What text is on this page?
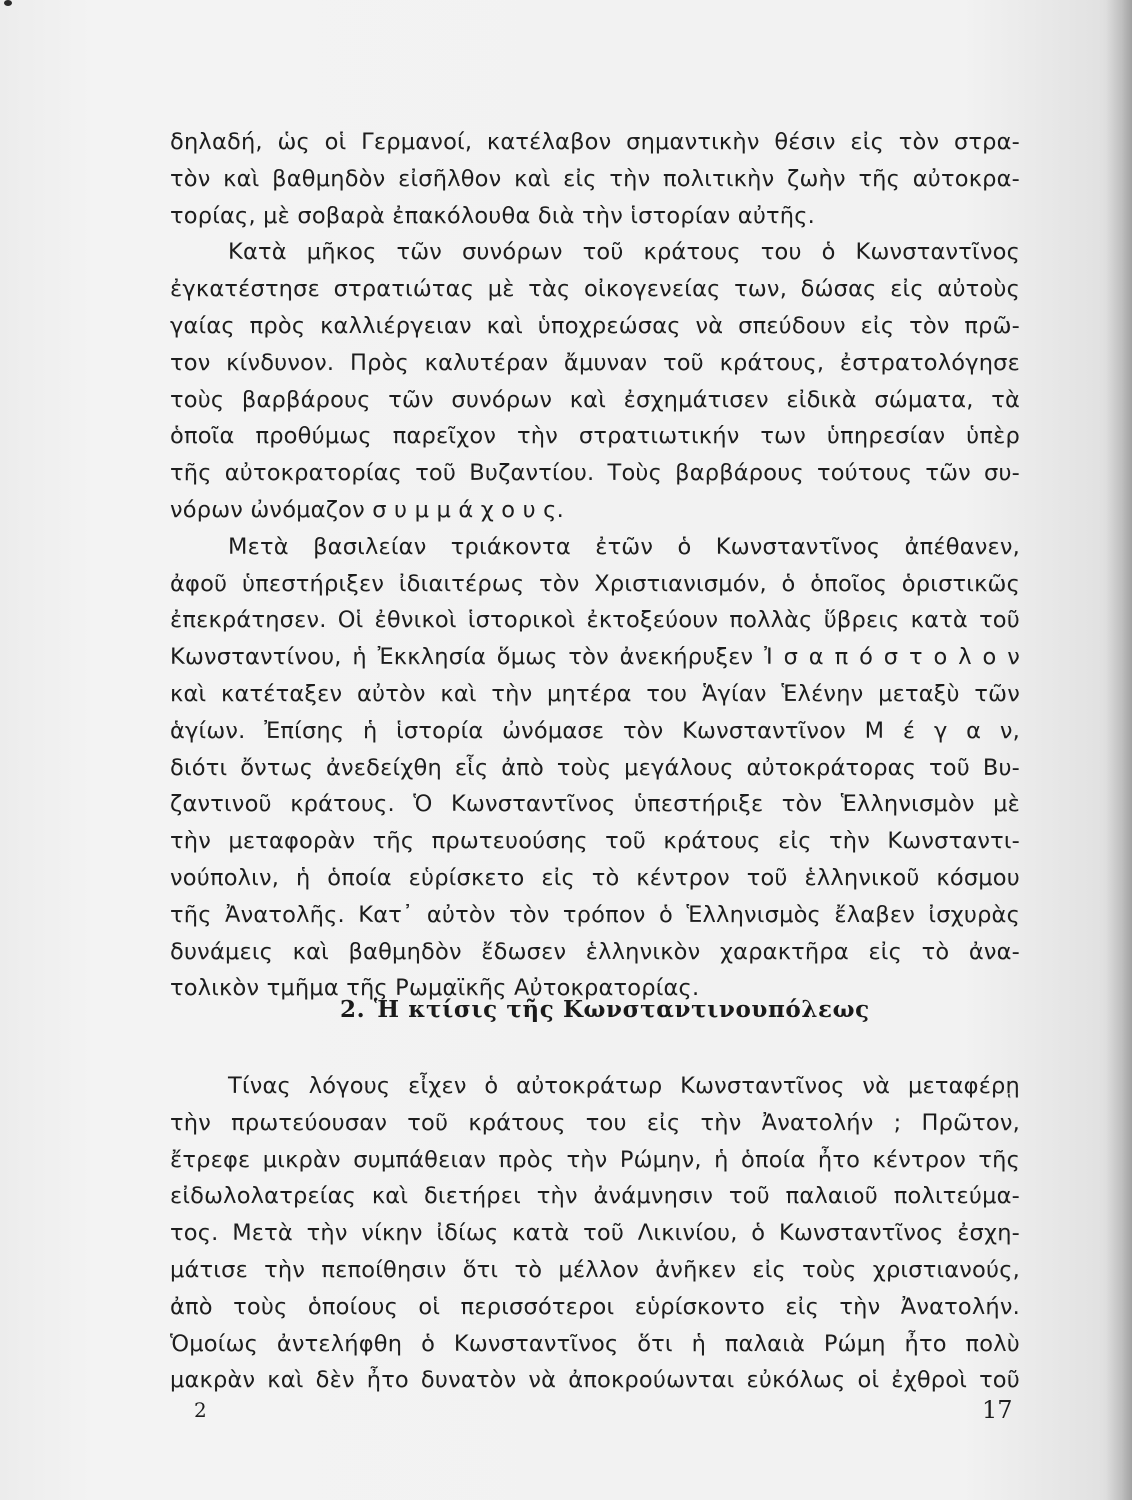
δηλαδή, ὡς οἱ Γερμανοί, κατέλαβον σημαντικὴν θέσιν εἰς τὸν στρα-
τὸν καὶ βαθμηδὸν εἰσῆλθον καὶ εἰς τὴν πολιτικὴν ζωὴν τῆς αὐτοκρα-
τορίας, μὲ σοβαρὰ ἐπακόλουθα διὰ τὴν ἱστορίαν αὐτῆς.
Κατὰ μῆκος τῶν συνόρων τοῦ κράτους του ὁ Κωνσταντῖνος
ἐγκατέστησε στρατιώτας μὲ τὰς οἰκογενείας των, δώσας εἰς αὐτοὺς
γαίας πρὸς καλλιέργειαν καὶ ὑποχρεώσας νὰ σπεύδουν εἰς τὸν πρῶ-
τον κίνδυνον. Πρὸς καλυτέραν ἄμυναν τοῦ κράτους, ἐστρατολόγησε
τοὺς βαρβάρους τῶν συνόρων καὶ ἐσχημάτισεν εἰδικὰ σώματα, τὰ
ὁποῖα προθύμως παρεῖχον τὴν στρατιωτικήν των ὑπηρεσίαν ὑπὲρ
τῆς αὐτοκρατορίας τοῦ Βυζαντίου. Τοὺς βαρβάρους τούτους τῶν συ-
νόρων ὠνόμαζον σ υ μ μ ά χ ο υ ς.
Μετὰ βασιλείαν τριάκοντα ἐτῶν ὁ Κωνσταντῖνος ἀπέθανεν,
ἀφοῦ ὑπεστήριξεν ἰδιαιτέρως τὸν Χριστιανισμόν, ὁ ὁποῖος ὁριστικῶς
ἐπεκράτησεν. Οἱ ἐθνικοὶ ἱστορικοὶ ἐκτοξεύουν πολλὰς ὕβρεις κατὰ τοῦ
Κωνσταντίνου, ἡ Ἐκκλησία ὅμως τὸν ἀνεκήρυξεν Ἰ σ α π ό σ τ ο λ ο ν
καὶ κατέταξεν αὐτὸν καὶ τὴν μητέρα του Ἁγίαν Ἑλένην μεταξὺ τῶν
ἁγίων. Ἐπίσης ἡ ἱστορία ὠνόμασε τὸν Κωνσταντῖνον Μ έ γ α ν,
διότι ὄντως ἀνεδείχθη εἷς ἀπὸ τοὺς μεγάλους αὐτοκράτορας τοῦ Βυ-
ζαντινοῦ κράτους. Ὁ Κωνσταντῖνος ὑπεστήριξε τὸν Ἑλληνισμὸν μὲ
τὴν μεταφορὰν τῆς πρωτευούσης τοῦ κράτους εἰς τὴν Κωνσταντι-
νούπολιν, ἡ ὁποία εὑρίσκετο εἰς τὸ κέντρον τοῦ ἑλληνικοῦ κόσμου
τῆς Ἀνατολῆς. Κατ᾿ αὐτὸν τὸν τρόπον ὁ Ἑλληνισμὸς ἔλαβεν ἰσχυρὰς
δυνάμεις καὶ βαθμηδὸν ἔδωσεν ἑλληνικὸν χαρακτῆρα εἰς τὸ ἀνα-
τολικὸν τμῆμα τῆς Ρωμαϊκῆς Αὐτοκρατορίας.
2. Ἡ κτίσις τῆς Κωνσταντινουπόλεως
Τίνας λόγους εἶχεν ὁ αὐτοκράτωρ Κωνσταντῖνος νὰ μεταφέρῃ
τὴν πρωτεύουσαν τοῦ κράτους του εἰς τὴν Ἀνατολήν ; Πρῶτον,
ἔτρεφε μικρὰν συμπάθειαν πρὸς τὴν Ρώμην, ἡ ὁποία ἦτο κέντρον τῆς
εἰδωλολατρείας καὶ διετήρει τὴν ἀνάμνησιν τοῦ παλαιοῦ πολιτεύμα-
τος. Μετὰ τὴν νίκην ἰδίως κατὰ τοῦ Λικινίου, ὁ Κωνσταντῖνος ἐσχη-
μάτισε τὴν πεποίθησιν ὅτι τὸ μέλλον ἀνῆκεν εἰς τοὺς χριστιανούς,
ἀπὸ τοὺς ὁποίους οἱ περισσότεροι εὑρίσκοντο εἰς τὴν Ἀνατολήν.
Ὁμοίως ἀντελήφθη ὁ Κωνσταντῖνος ὅτι ἡ παλαιὰ Ρώμη ἦτο πολὺ
μακρὰν καὶ δὲν ἦτο δυνατὸν νὰ ἀποκρούωνται εὐκόλως οἱ ἐχθροὶ τοῦ
2	17
